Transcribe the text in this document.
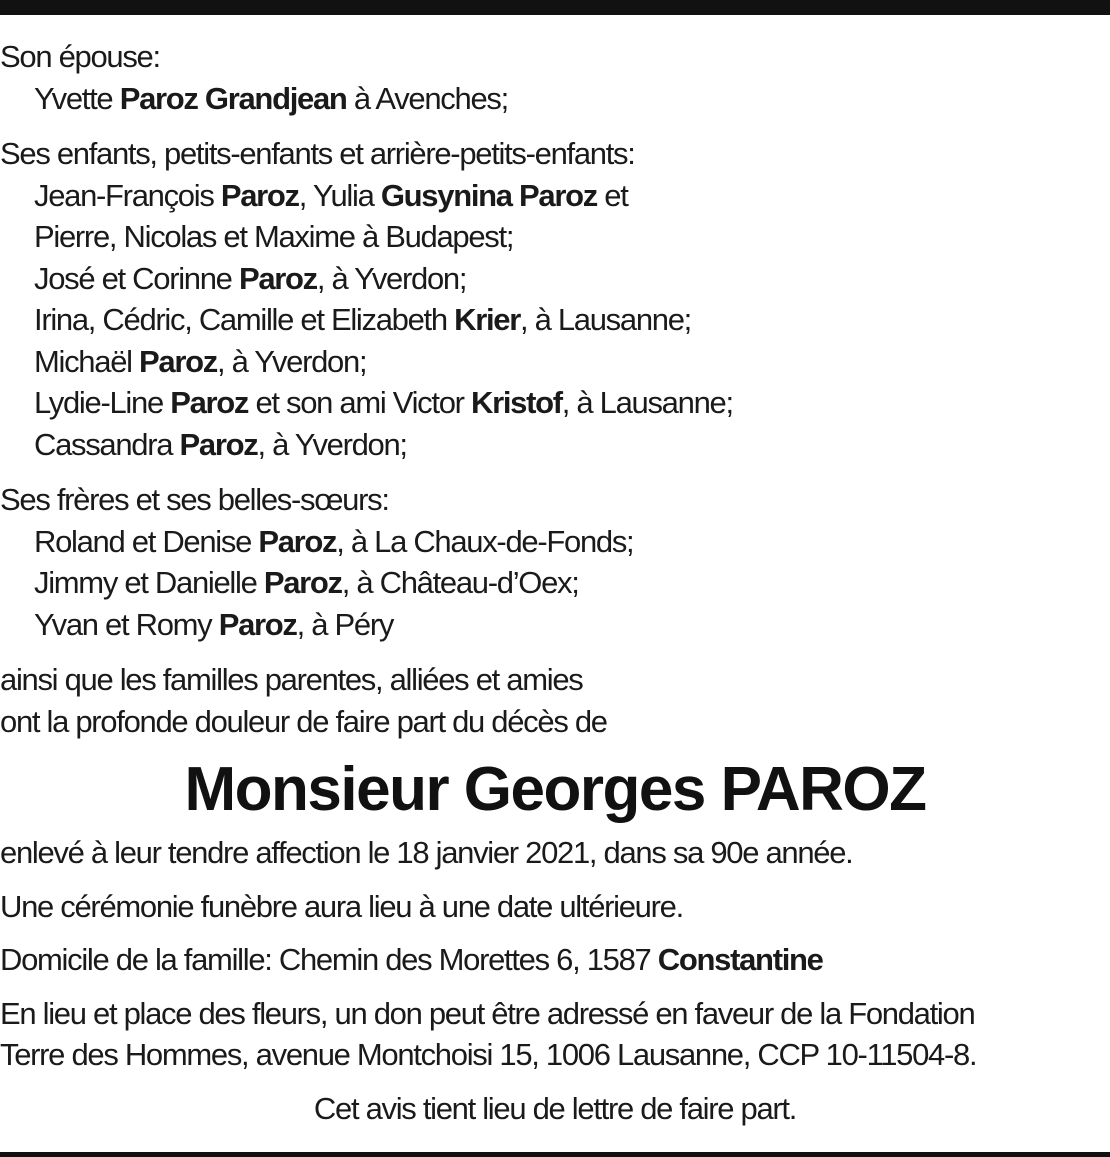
Son épouse:
Yvette Paroz Grandjean à Avenches;
Ses enfants, petits-enfants et arrière-petits-enfants:
Jean-François Paroz, Yulia Gusynina Paroz et
Pierre, Nicolas et Maxime à Budapest;
José et Corinne Paroz, à Yverdon;
Irina, Cédric, Camille et Elizabeth Krier, à Lausanne;
Michaël Paroz, à Yverdon;
Lydie-Line Paroz et son ami Victor Kristof, à Lausanne;
Cassandra Paroz, à Yverdon;
Ses frères et ses belles-sœurs:
Roland et Denise Paroz, à La Chaux-de-Fonds;
Jimmy et Danielle Paroz, à Château-d’Oex;
Yvan et Romy Paroz, à Péry
ainsi que les familles parentes, alliées et amies
ont la profonde douleur de faire part du décès de
Monsieur Georges PAROZ
enlevé à leur tendre affection le 18 janvier 2021, dans sa 90e année.
Une cérémonie funèbre aura lieu à une date ultérieure.
Domicile de la famille: Chemin des Morettes 6, 1587 Constantine
En lieu et place des fleurs, un don peut être adressé en faveur de la Fondation
Terre des Hommes, avenue Montchoisi 15, 1006 Lausanne, CCP 10-11504-8.
Cet avis tient lieu de lettre de faire part.
